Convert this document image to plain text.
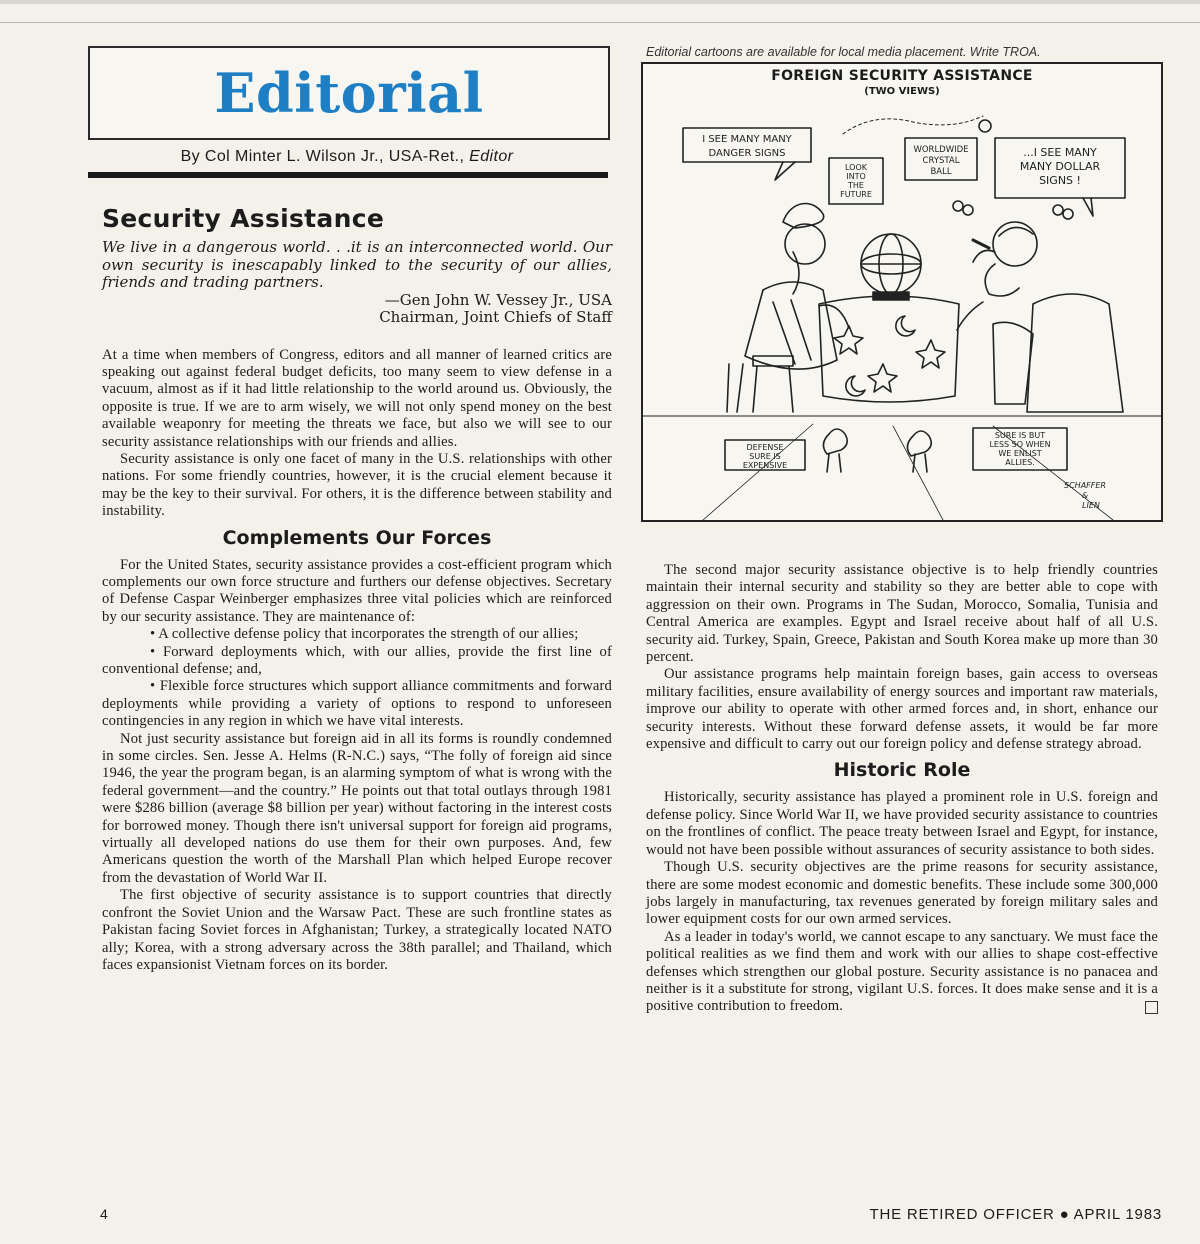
Editorial
By Col Minter L. Wilson Jr., USA-Ret., Editor
Security Assistance

We live in a dangerous world. . .it is an interconnected world. Our own security is inescapably linked to the security of our allies, friends and trading partners.

—Gen John W. Vessey Jr., USA
Chairman, Joint Chiefs of Staff

At a time when members of Congress, editors and all manner of learned critics are speaking out against federal budget deficits, too many seem to view defense in a vacuum, almost as if it had little relationship to the world around us. Obviously, the opposite is true. If we are to arm wisely, we will not only spend money on the best available weaponry for meeting the threats we face, but also we will see to our security assistance relationships with our friends and allies.

Security assistance is only one facet of many in the U.S. relationships with other nations. For some friendly countries, however, it is the crucial element because it may be the key to their survival. For others, it is the difference between stability and instability.

Complements Our Forces

For the United States, security assistance provides a cost-efficient program which complements our own force structure and furthers our defense objectives. Secretary of Defense Caspar Weinberger emphasizes three vital policies which are reinforced by our security assistance. They are maintenance of:

• A collective defense policy that incorporates the strength of our allies;

• Forward deployments which, with our allies, provide the first line of conventional defense; and,

• Flexible force structures which support alliance commitments and forward deployments while providing a variety of options to respond to unforeseen contingencies in any region in which we have vital interests.

Not just security assistance but foreign aid in all its forms is roundly condemned in some circles. Sen. Jesse A. Helms (R-N.C.) says, “The folly of foreign aid since 1946, the year the program began, is an alarming symptom of what is wrong with the federal government—and the country.” He points out that total outlays through 1981 were $286 billion (average $8 billion per year) without factoring in the interest costs for borrowed money. Though there isn't universal support for foreign aid programs, virtually all developed nations do use them for their own purposes. And, few Americans question the worth of the Marshall Plan which helped Europe recover from the devastation of World War II.

The first objective of security assistance is to support countries that directly confront the Soviet Union and the Warsaw Pact. These are such frontline states as Pakistan facing Soviet forces in Afghanistan; Turkey, a strategically located NATO ally; Korea, with a strong adversary across the 38th parallel; and Thailand, which faces expansionist Vietnam forces on its border.

Editorial cartoons are available for local media placement. Write TROA.
I SEE MANY MANY
DANGER SIGNS
LOOK
INTO
THE
FUTURE
WORLDWIDE
CRYSTAL
BALL
...I SEE MANY
MANY DOLLAR
SIGNS !
DEFENSE
SURE IS
EXPENSIVE
SURE IS BUT
LESS SO WHEN
WE ENLIST
ALLIES.
SCHAFFER
&
LIEN
FOREIGN SECURITY ASSISTANCE
(TWO VIEWS)

The second major security assistance objective is to help friendly countries maintain their internal security and stability so they are better able to cope with aggression on their own. Programs in The Sudan, Morocco, Somalia, Tunisia and Central America are examples. Egypt and Israel receive about half of all U.S. security aid. Turkey, Spain, Greece, Pakistan and South Korea make up more than 30 percent.

Our assistance programs help maintain foreign bases, gain access to overseas military facilities, ensure availability of energy sources and important raw materials, improve our ability to operate with other armed forces and, in short, enhance our security interests. Without these forward defense assets, it would be far more expensive and difficult to carry out our foreign policy and defense strategy abroad.

Historic Role

Historically, security assistance has played a prominent role in U.S. foreign and defense policy. Since World War II, we have provided security assistance to countries on the frontlines of conflict. The peace treaty between Israel and Egypt, for instance, would not have been possible without assurances of security assistance to both sides.

Though U.S. security objectives are the prime reasons for security assistance, there are some modest economic and domestic benefits. These include some 300,000 jobs largely in manufacturing, tax revenues generated by foreign military sales and lower equipment costs for our own armed services.

As a leader in today's world, we cannot escape to any sanctuary. We must face the political realities as we find them and work with our allies to shape cost-effective defenses which strengthen our global posture. Security assistance is no panacea and neither is it a substitute for strong, vigilant U.S. forces. It does make sense and it is a positive contribution to freedom.

4	THE RETIRED OFFICER ● APRIL 1983
